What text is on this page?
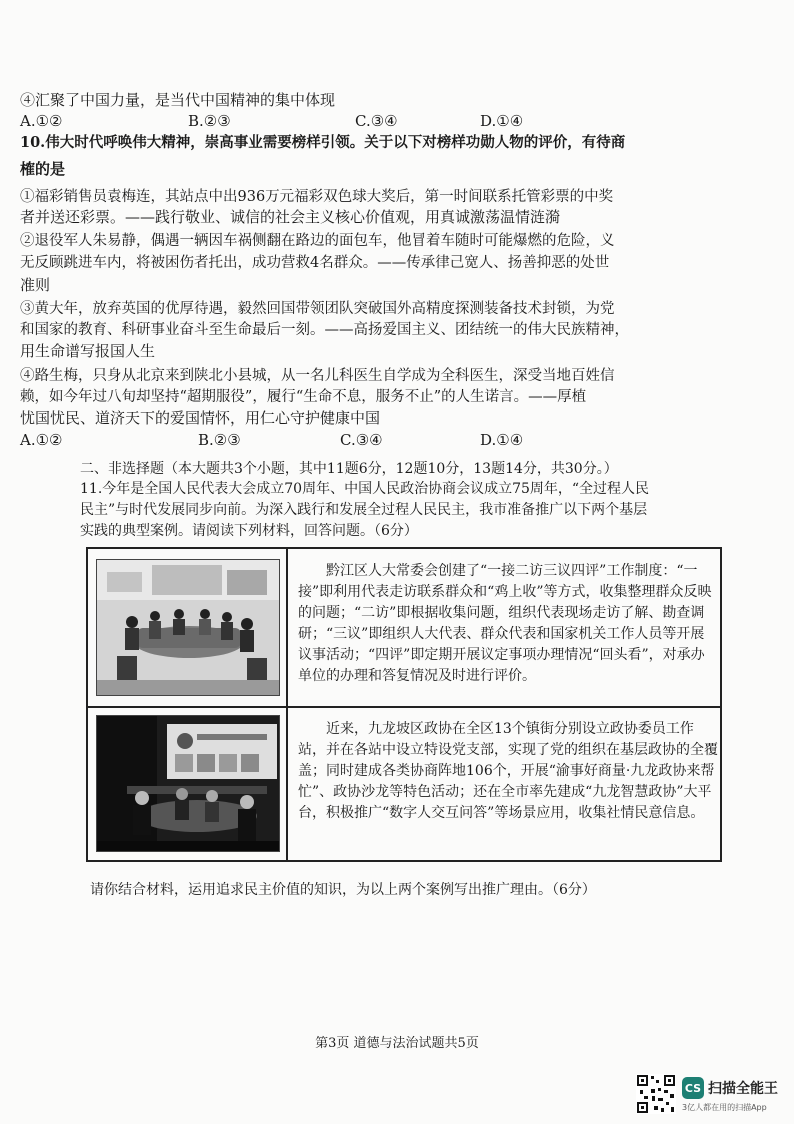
④汇聚了中国力量，是当代中国精神的集中体现
A.①②	B.②③	C.③④	D.①④
10.伟大时代呼唤伟大精神，崇高事业需要榜样引领。关于以下对榜样功勋人物的评价，有待商
榷的是
①福彩销售员袁梅连，其站点中出936万元福彩双色球大奖后，第一时间联系托管彩票的中奖
者并送还彩票。——践行敬业、诚信的社会主义核心价值观，用真诚激荡温情涟漪
②退役军人朱易静，偶遇一辆因车祸侧翻在路边的面包车，他冒着车随时可能爆燃的危险，义
无反顾跳进车内，将被困伤者托出，成功营救4名群众。——传承律己宽人、扬善抑恶的处世
准则
③黄大年，放弃英国的优厚待遇，毅然回国带领团队突破国外高精度探测装备技术封锁，为党
和国家的教育、科研事业奋斗至生命最后一刻。——高扬爱国主义、团结统一的伟大民族精神，
用生命谱写报国人生
④路生梅，只身从北京来到陕北小县城，从一名儿科医生自学成为全科医生，深受当地百姓信
赖，如今年过八旬却坚持“超期服役”，履行“生命不息，服务不止”的人生诺言。——厚植
忧国忧民、道济天下的爱国情怀，用仁心守护健康中国
A.①②	B.②③	C.③④	D.①④
二、非选择题（本大题共3个小题，其中11题6分，12题10分，13题14分，共30分。）
11.今年是全国人民代表大会成立70周年、中国人民政治协商会议成立75周年，“全过程人民
民主”与时代发展同步向前。为深入践行和发展全过程人民民主，我市准备推广以下两个基层
实践的典型案例。请阅读下列材料，回答问题。（6分）

黔江区人大常委会创建了“一接二访三议四评”工作制度：“一接”即利用代表走访联系群众和“鸡上收”等方式，收集整理群众反映的问题；“二访”即根据收集问题，组织代表现场走访了解、勘查调研；“三议”即组织人大代表、群众代表和国家机关工作人员等开展议事活动；“四评”即定期开展议定事项办理情况“回头看”，对承办单位的办理和答复情况及时进行评价。

近来，九龙坡区政协在全区13个镇街分别设立政协委员工作站，并在各站中设立特设党支部，实现了党的组织在基层政协的全覆盖；同时建成各类协商阵地106个，开展“渝事好商量·九龙政协来帮忙”、政协沙龙等特色活动；还在全市率先建成“九龙智慧政协”大平台，积极推广“数字人交互问答”等场景应用，收集社情民意信息。

请你结合材料，运用追求民主价值的知识，为以上两个案例写出推广理由。（6分）
第3页 道德与法治试题共5页
CS 扫描全能王
3亿人都在用的扫描App
